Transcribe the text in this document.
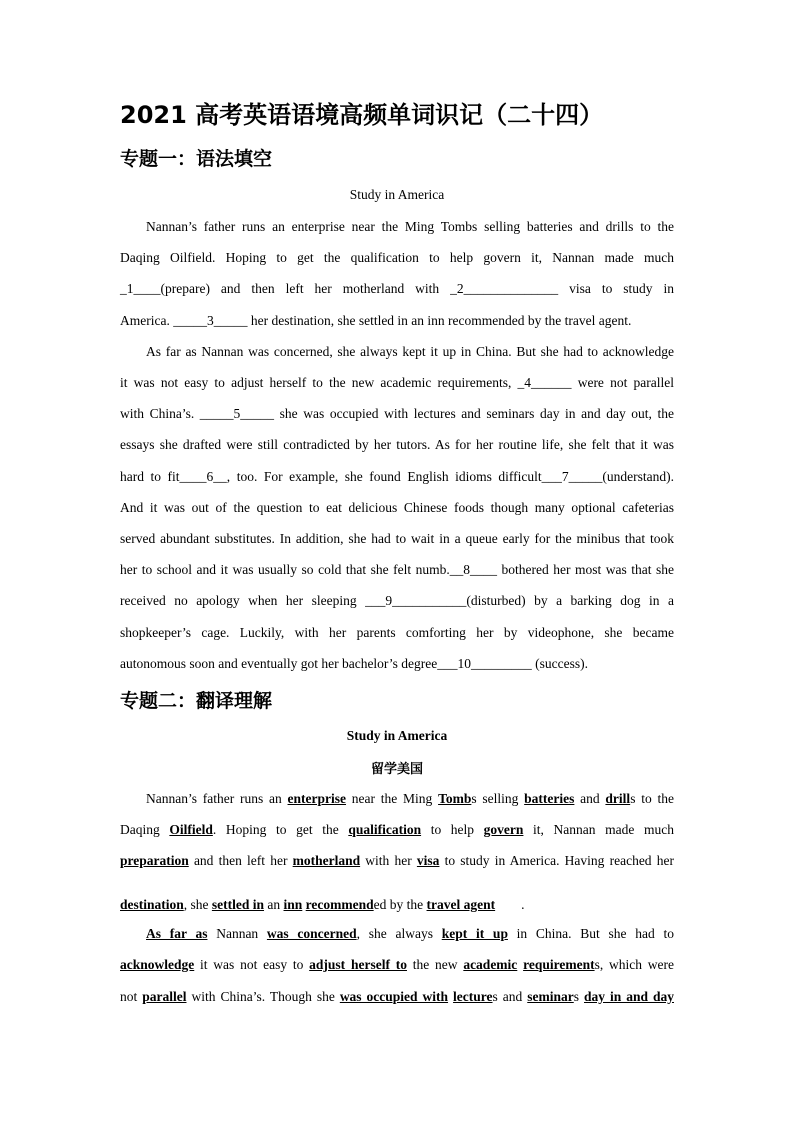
2021 高考英语语境高频单词识记（二十四）
专题一：语法填空
Study in America
Nannan’s father runs an enterprise near the Ming Tombs selling batteries and drills to the
Daqing Oilfield. Hoping to get the qualification to help govern it, Nannan made much
_1____(prepare) and then left her motherland with _2______________ visa to study in
America. _____3_____ her destination, she settled in an inn recommended by the travel agent.
As far as Nannan was concerned, she always kept it up in China. But she had to acknowledge
it was not easy to adjust herself to the new academic requirements, _4______ were not parallel
with China’s. _____5_____ she was occupied with lectures and seminars day in and day out, the
essays she drafted were still contradicted by her tutors. As for her routine life, she felt that it was
hard to fit____6__, too. For example, she found English idioms difficult___7_____(understand).
And it was out of the question to eat delicious Chinese foods though many optional cafeterias
served abundant substitutes. In addition, she had to wait in a queue early for the minibus that took
her to school and it was usually so cold that she felt numb.__8____ bothered her most was that she
received no apology when her sleeping ___9___________(disturbed) by a barking dog in a
shopkeeper’s cage. Luckily, with her parents comforting her by videophone, she became
autonomous soon and eventually got her bachelor’s degree___10_________ (success).
专题二：翻译理解
Study in America
留学美国
Nannan’s father runs an enterprise near the Ming Tombs selling batteries and drills to the
Daqing Oilfield. Hoping to get the qualification to help govern it, Nannan made much
preparation and then left her motherland with her visa to study in America. Having reached her
destination, she settled in an inn recommended by the travel agent .
As far as Nannan was concerned, she always kept it up in China. But she had to
acknowledge it was not easy to adjust herself to the new academic requirements, which were
not parallel with China’s. Though she was occupied with lectures and seminars day in and day
